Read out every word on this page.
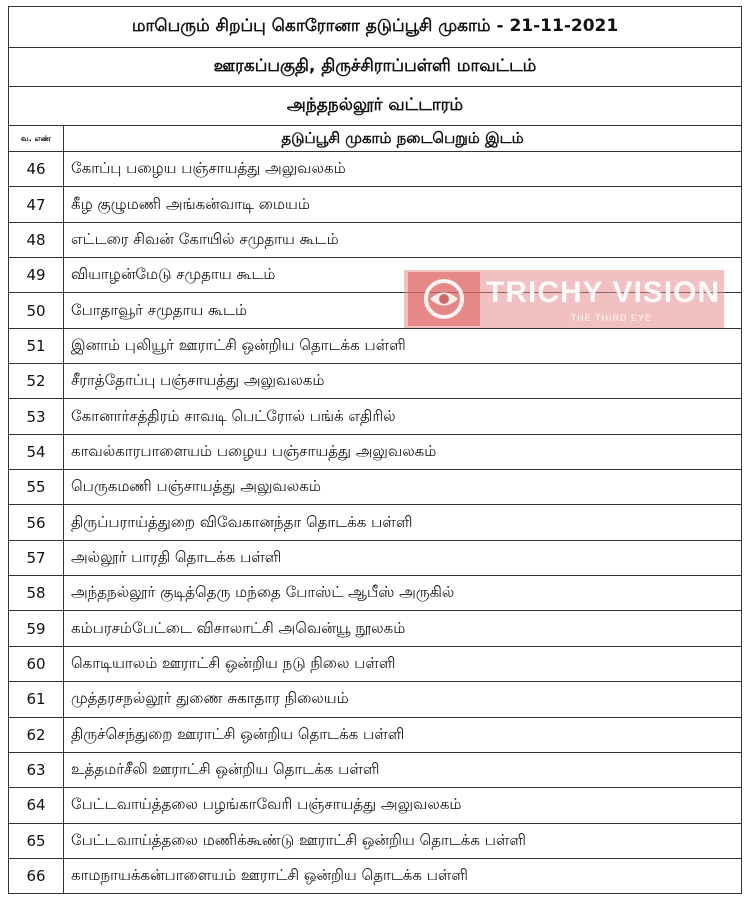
மாபெரும் சிறப்பு கொரோனா தடுப்பூசி முகாம் - 21-11-2021	
ஊரகப்பகுதி, திருச்சிராப்பள்ளி மாவட்டம்	
அந்தநல்லூர் வட்டாரம்	
வ. எண்	தடுப்பூசி முகாம் நடைபெறும் இடம்
46	கோப்பு பழைய பஞ்சாயத்து அலுவலகம்
47	கீழ குழுமணி அங்கன்வாடி மையம்
48	எட்டரை சிவன் கோயில் சமுதாய கூடம்
49	வியாழன்மேடு சமுதாய கூடம்
50	போதாவூர் சமுதாய கூடம்
51	இனாம் புலியூர் ஊராட்சி ஒன்றிய தொடக்க பள்ளி
52	சீராத்தோப்பு பஞ்சாயத்து அலுவலகம்
53	கோனார்சத்திரம் சாவடி பெட்ரோல் பங்க் எதிரில்
54	காவல்காரபாளையம் பழைய பஞ்சாயத்து அலுவலகம்
55	பெருகமணி பஞ்சாயத்து அலுவலகம்
56	திருப்பராய்த்துறை விவேகானந்தா தொடக்க பள்ளி
57	அல்லூர் பாரதி தொடக்க பள்ளி
58	அந்தநல்லூர் குடித்தெரு மந்தை போஸ்ட் ஆபீஸ் அருகில்
59	கம்பரசம்பேட்டை விசாலாட்சி அவென்யூ நூலகம்
60	கொடியாலம் ஊராட்சி ஒன்றிய நடு நிலை பள்ளி
61	முத்தரசநல்லூர் துணை சுகாதார நிலையம்
62	திருச்செந்துறை ஊராட்சி ஒன்றிய தொடக்க பள்ளி
63	உத்தமர்சீலி ஊராட்சி ஒன்றிய தொடக்க பள்ளி
64	பேட்டவாய்த்தலை பழங்காவேரி பஞ்சாயத்து அலுவலகம்
65	பேட்டவாய்த்தலை மணிக்கூண்டு ஊராட்சி ஒன்றிய தொடக்க பள்ளி
66	காமநாயக்கன்பாளையம் ஊராட்சி ஒன்றிய தொடக்க பள்ளி
TRICHY VISION
THE THIRD EYE
